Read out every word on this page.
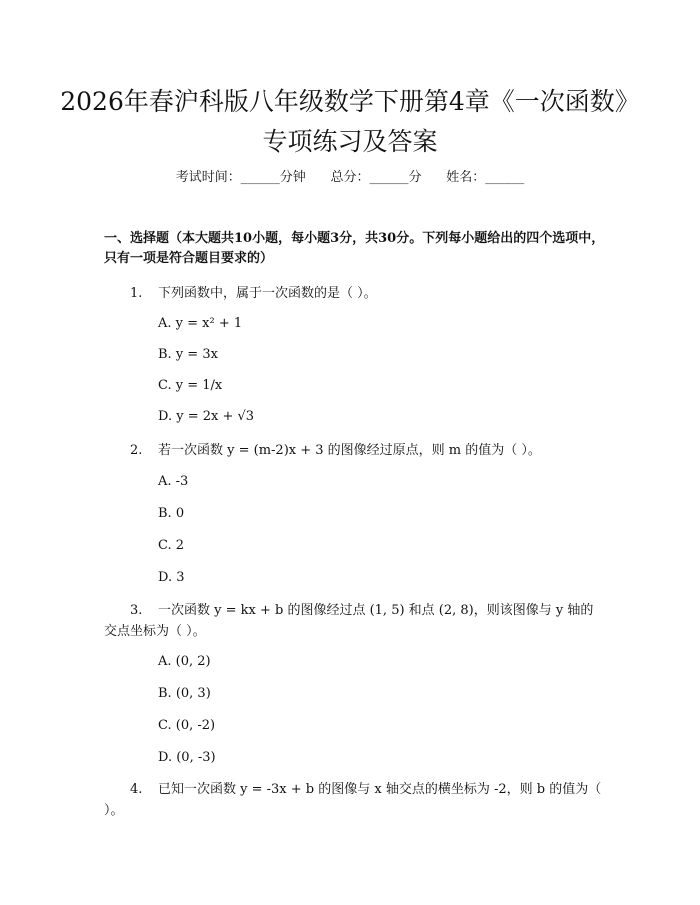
2026年春沪科版八年级数学下册第4章《一次函数》专项练习及答案
考试时间：______分钟      总分：______分      姓名：______
一、选择题（本大题共10小题，每小题3分，共30分。下列每小题给出的四个选项中，只有一项是符合题目要求的）

1. 下列函数中，属于一次函数的是（ ）。

A. y = x² + 1
B. y = 3x
C. y = 1/x
D. y = 2x + √3

2. 若一次函数 y = (m-2)x + 3 的图像经过原点，则 m 的值为（ ）。

A. -3
B. 0
C. 2
D. 3

3. 一次函数 y = kx + b 的图像经过点 (1, 5) 和点 (2, 8)，则该图像与 y 轴的交点坐标为（ ）。

A. (0, 2)
B. (0, 3)
C. (0, -2)
D. (0, -3)

4. 已知一次函数 y = -3x + b 的图像与 x 轴交点的横坐标为 -2，则 b 的值为（ ）。
